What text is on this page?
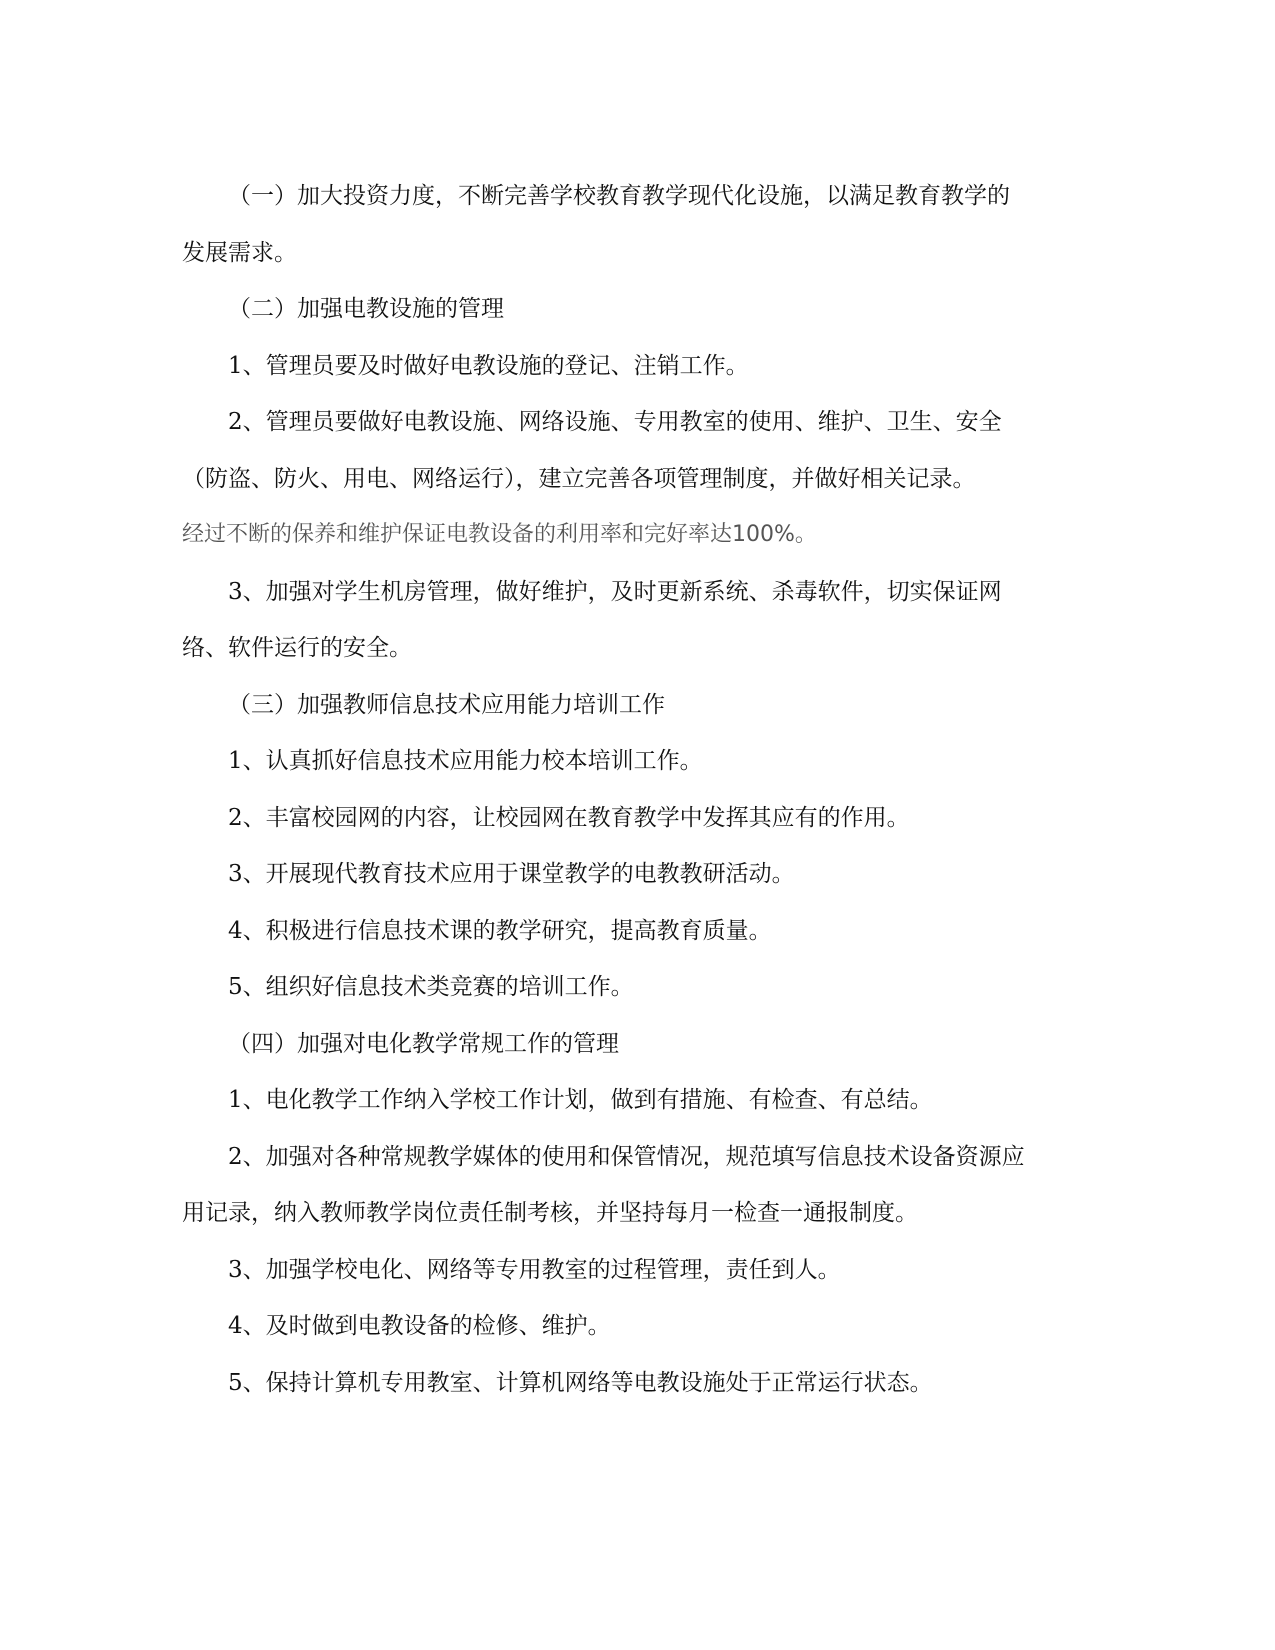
（一）加大投资力度，不断完善学校教育教学现代化设施，以满足教育教学的发展需求。

（二）加强电教设施的管理

1、管理员要及时做好电教设施的登记、注销工作。

2、管理员要做好电教设施、网络设施、专用教室的使用、维护、卫生、安全（防盗、防火、用电、网络运行），建立完善各项管理制度，并做好相关记录。

经过不断的保养和维护保证电教设备的利用率和完好率达100%。

3、加强对学生机房管理，做好维护，及时更新系统、杀毒软件，切实保证网络、软件运行的安全。

（三）加强教师信息技术应用能力培训工作

1、认真抓好信息技术应用能力校本培训工作。

2、丰富校园网的内容，让校园网在教育教学中发挥其应有的作用。

3、开展现代教育技术应用于课堂教学的电教教研活动。

4、积极进行信息技术课的教学研究，提高教育质量。

5、组织好信息技术类竞赛的培训工作。

（四）加强对电化教学常规工作的管理

1、电化教学工作纳入学校工作计划，做到有措施、有检查、有总结。

2、加强对各种常规教学媒体的使用和保管情况，规范填写信息技术设备资源应用记录，纳入教师教学岗位责任制考核，并坚持每月一检查一通报制度。

3、加强学校电化、网络等专用教室的过程管理，责任到人。

4、及时做到电教设备的检修、维护。

5、保持计算机专用教室、计算机网络等电教设施处于正常运行状态。
